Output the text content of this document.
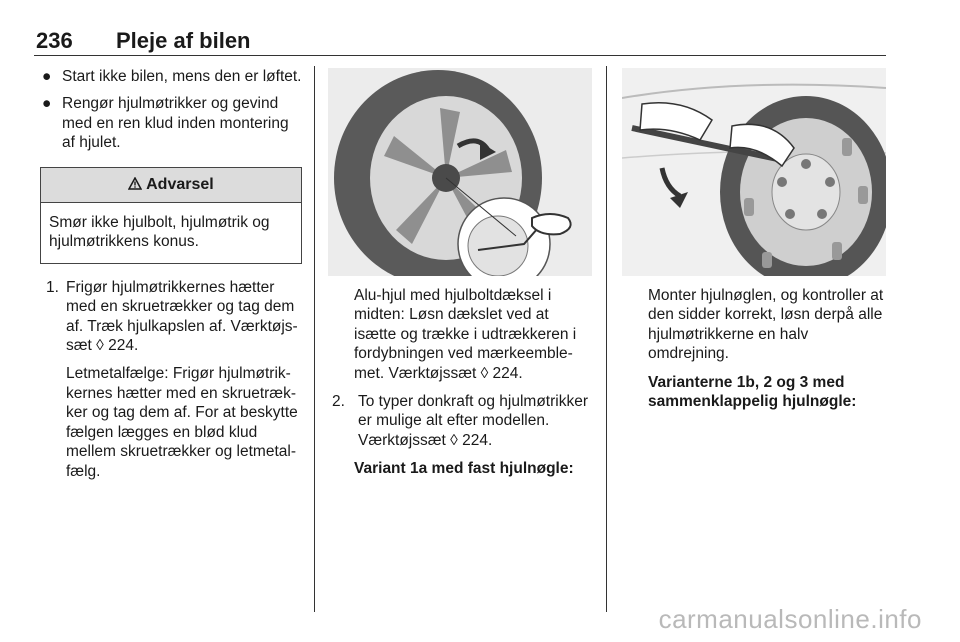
236 Pleje af bilen
● Start ikke bilen, mens den er løftet.
● Rengør hjulmøtrikker og gevind med en ren klud inden montering af hjulet.
Advarsel
Smør ikke hjulbolt, hjulmøtrik og hjulmøtrikkens konus.
1. Frigør hjulmøtrikkernes hætter med en skruetrækker og tag dem af. Træk hjulkapslen af. Værktøjs-sæt ◊ 224.
Letmetalfælge: Frigør hjulmøtrik-kernes hætter med en skruetræk-ker og tag dem af. For at beskytte fælgen lægges en blød klud mellem skruetrækker og letmetal-fælg.
Alu-hjul med hjulboltdæksel i midten: Løsn dækslet ved at isætte og trække i udtrækkeren i fordybningen ved mærkeemble-met. Værktøjssæt ◊ 224.
2. To typer donkraft og hjulmøtrikker er mulige alt efter modellen. Værktøjssæt ◊ 224.
Variant 1a med fast hjulnøgle:
Monter hjulnøglen, og kontroller at den sidder korrekt, løsn derpå alle hjulmøtrikkerne en halv omdrejning.
Varianterne 1b, 2 og 3 med sammenklappelig hjulnøgle:
carmanualsonline.info
